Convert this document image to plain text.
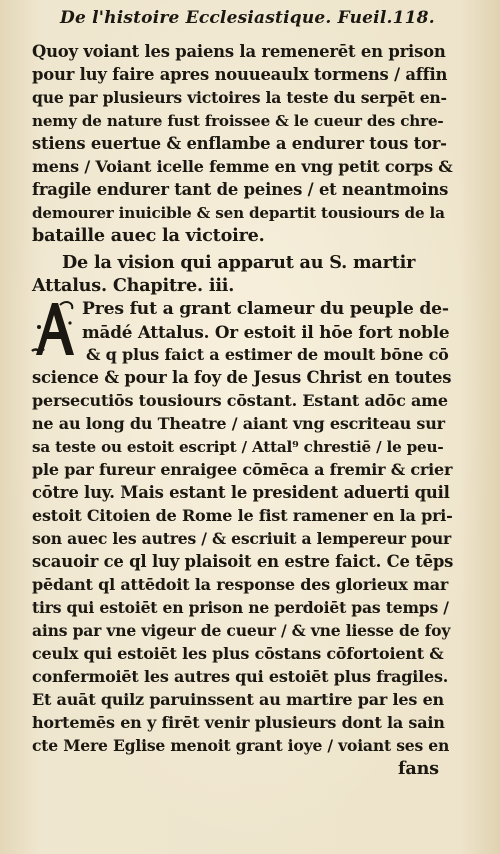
De l'histoire Ecclesiastique. Fueil.118.
Quoy voiant les paiens la remenerēt en prison
pour luy faire apres nouueaulx tormens / affin
que par plusieurs victoires la teste du serpēt en-
nemy de nature fust froissee & le cueur des chre-
stiens euertue & enflambe a endurer tous tor-
mens / Voiant icelle femme en vng petit corps &
fragile endurer tant de peines / et neantmoins
demourer inuicible & sen departit tousiours de la
bataille auec la victoire.
De la vision qui apparut au S. martir
Attalus. Chapitre. iii.
Pres fut a grant clameur du peuple de-
mādé Attalus. Or estoit il hōe fort noble
& q plus faict a estimer de moult bōne cō
science & pour la foy de Jesus Christ en toutes
persecutiōs tousiours cōstant. Estant adōc ame
ne au long du Theatre / aiant vng escriteau sur
sa teste ou estoit escript / Attal⁹ chrestiē / le peu-
ple par fureur enraigee cōmēca a fremir & crier
cōtre luy. Mais estant le president aduerti quil
estoit Citoien de Rome le fist ramener en la pri-
son auec les autres / & escriuit a lempereur pour
scauoir ce ql luy plaisoit en estre faict. Ce tēps
pēdant ql attēdoit la response des glorieux mar
tirs qui estoiēt en prison ne perdoiēt pas temps /
ains par vne vigeur de cueur / & vne liesse de foy
ceulx qui estoiēt les plus cōstans cōfortoient &
confermoiēt les autres qui estoiēt plus fragiles.
Et auāt quilz paruinssent au martire par les en
hortemēs en y firēt venir plusieurs dont la sain
cte Mere Eglise menoit grant ioye / voiant ses en
fans
